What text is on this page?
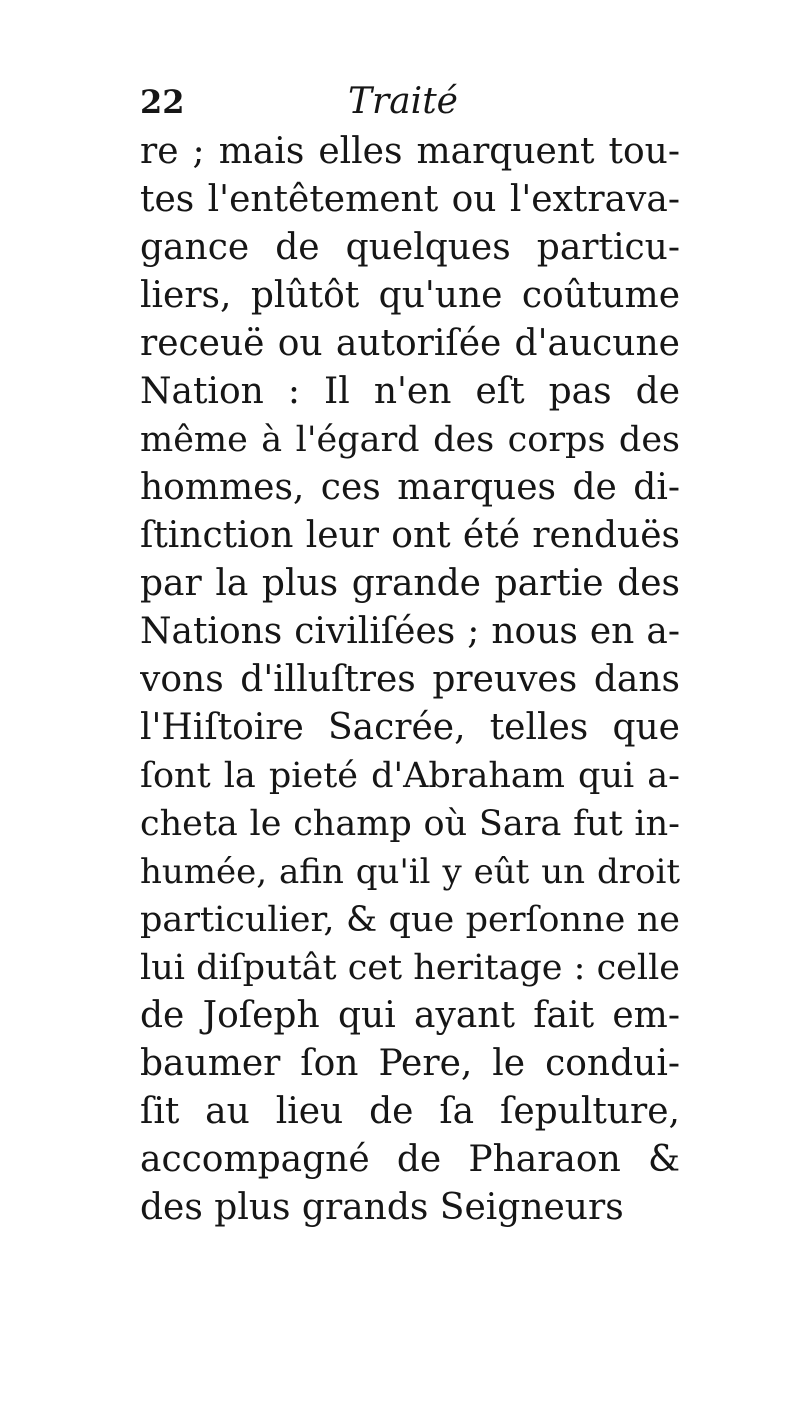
22	Traité
re ; mais elles marquent tou-
tes l'entêtement ou l'extrava-
gance de quelques particu-
liers, plûtôt qu'une coûtume
receuë ou autoriſée d'aucune
Nation : Il n'en eſt pas de
même à l'égard des corps des
hommes, ces marques de di-
ſtinction leur ont été renduës
par la plus grande partie des
Nations civiliſées ; nous en a-
vons d'illuſtres preuves dans
l'Hiſtoire Sacrée, telles que
ſont la pieté d'Abraham qui a-
cheta le champ où Sara fut in-
humée, afin qu'il y eût un droit
particulier, & que perſonne ne
lui diſputât cet heritage : celle
de Joſeph qui ayant fait em-
baumer ſon Pere, le condui-
ſit au lieu de ſa ſepulture,
accompagné de Pharaon &
des plus grands Seigneurs
